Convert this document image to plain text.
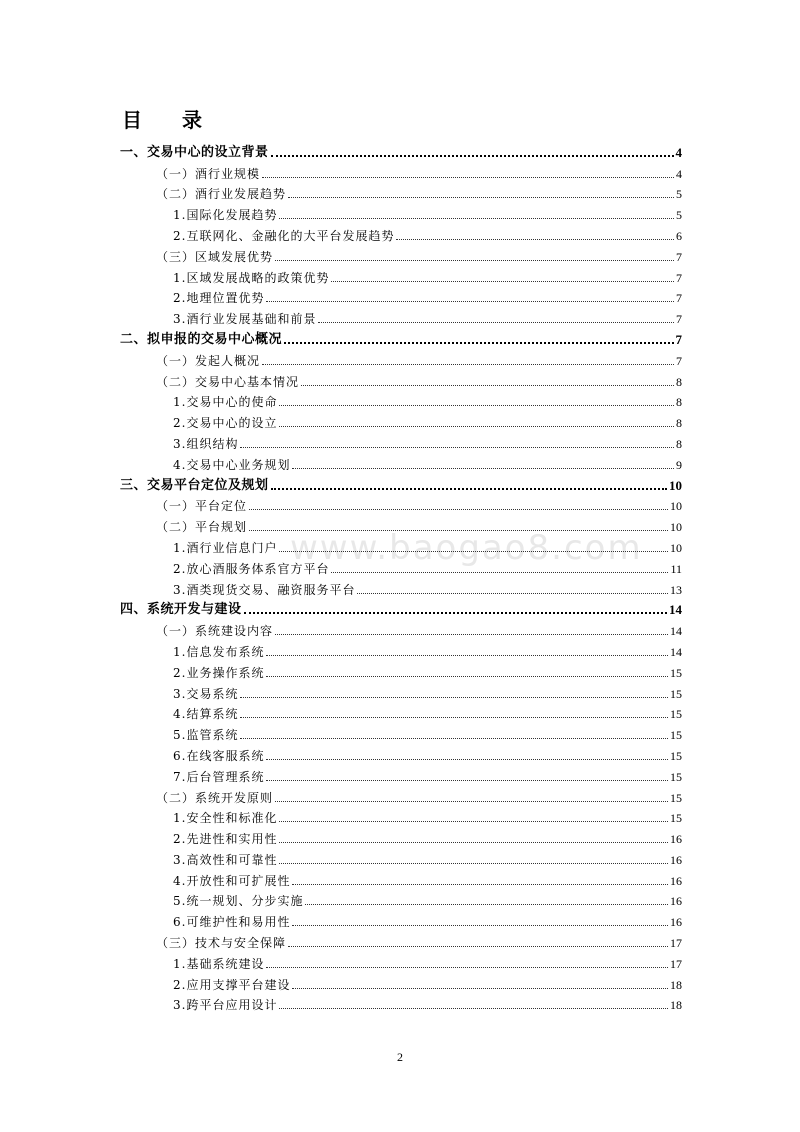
目　　录
www.baogao8.com
一、交易中心的设立背景	4
（一）酒行业规模	4
（二）酒行业发展趋势	5
1.国际化发展趋势	5
2.互联网化、金融化的大平台发展趋势	6
（三）区域发展优势	7
1.区域发展战略的政策优势	7
2.地理位置优势	7
3.酒行业发展基础和前景	7
二、拟申报的交易中心概况	7
（一）发起人概况	7
（二）交易中心基本情况	8
1.交易中心的使命	8
2.交易中心的设立	8
3.组织结构	8
4.交易中心业务规划	9
三、交易平台定位及规划	10
（一）平台定位	10
（二）平台规划	10
1.酒行业信息门户	10
2.放心酒服务体系官方平台	11
3.酒类现货交易、融资服务平台	13
四、系统开发与建设	14
（一）系统建设内容	14
1.信息发布系统	14
2.业务操作系统	15
3.交易系统	15
4.结算系统	15
5.监管系统	15
6.在线客服系统	15
7.后台管理系统	15
（二）系统开发原则	15
1.安全性和标准化	15
2.先进性和实用性	16
3.高效性和可靠性	16
4.开放性和可扩展性	16
5.统一规划、分步实施	16
6.可维护性和易用性	16
（三）技术与安全保障	17
1.基础系统建设	17
2.应用支撑平台建设	18
3.跨平台应用设计	18
2
